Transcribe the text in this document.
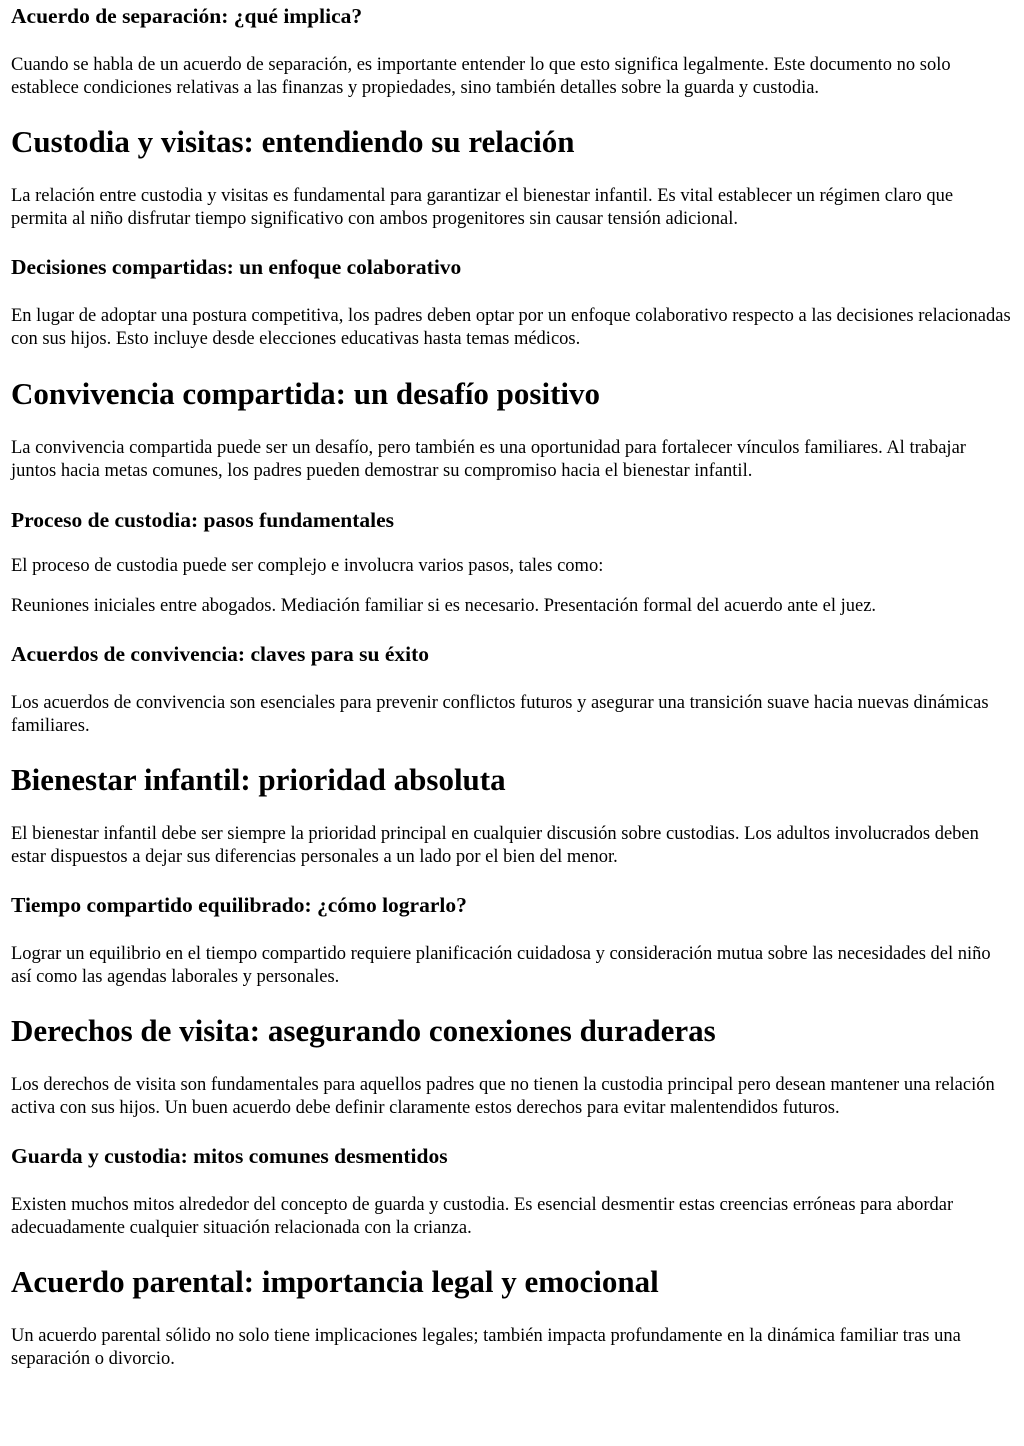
Acuerdo de separación: ¿qué implica?

Cuando se habla de un acuerdo de separación, es importante entender lo que esto significa legalmente. Este documento no solo establece condiciones relativas a las finanzas y propiedades, sino también detalles sobre la guarda y custodia.

Custodia y visitas: entendiendo su relación

La relación entre custodia y visitas es fundamental para garantizar el bienestar infantil. Es vital establecer un régimen claro que permita al niño disfrutar tiempo significativo con ambos progenitores sin causar tensión adicional.

Decisiones compartidas: un enfoque colaborativo

En lugar de adoptar una postura competitiva, los padres deben optar por un enfoque colaborativo respecto a las decisiones relacionadas con sus hijos. Esto incluye desde elecciones educativas hasta temas médicos.

Convivencia compartida: un desafío positivo

La convivencia compartida puede ser un desafío, pero también es una oportunidad para fortalecer vínculos familiares. Al trabajar juntos hacia metas comunes, los padres pueden demostrar su compromiso hacia el bienestar infantil.

Proceso de custodia: pasos fundamentales

El proceso de custodia puede ser complejo e involucra varios pasos, tales como:

Reuniones iniciales entre abogados. Mediación familiar si es necesario. Presentación formal del acuerdo ante el juez.

Acuerdos de convivencia: claves para su éxito

Los acuerdos de convivencia son esenciales para prevenir conflictos futuros y asegurar una transición suave hacia nuevas dinámicas familiares.

Bienestar infantil: prioridad absoluta

El bienestar infantil debe ser siempre la prioridad principal en cualquier discusión sobre custodias. Los adultos involucrados deben estar dispuestos a dejar sus diferencias personales a un lado por el bien del menor.

Tiempo compartido equilibrado: ¿cómo lograrlo?

Lograr un equilibrio en el tiempo compartido requiere planificación cuidadosa y consideración mutua sobre las necesidades del niño así como las agendas laborales y personales.

Derechos de visita: asegurando conexiones duraderas

Los derechos de visita son fundamentales para aquellos padres que no tienen la custodia principal pero desean mantener una relación activa con sus hijos. Un buen acuerdo debe definir claramente estos derechos para evitar malentendidos futuros.

Guarda y custodia: mitos comunes desmentidos

Existen muchos mitos alrededor del concepto de guarda y custodia. Es esencial desmentir estas creencias erróneas para abordar adecuadamente cualquier situación relacionada con la crianza.

Acuerdo parental: importancia legal y emocional

Un acuerdo parental sólido no solo tiene implicaciones legales; también impacta profundamente en la dinámica familiar tras una separación o divorcio.
